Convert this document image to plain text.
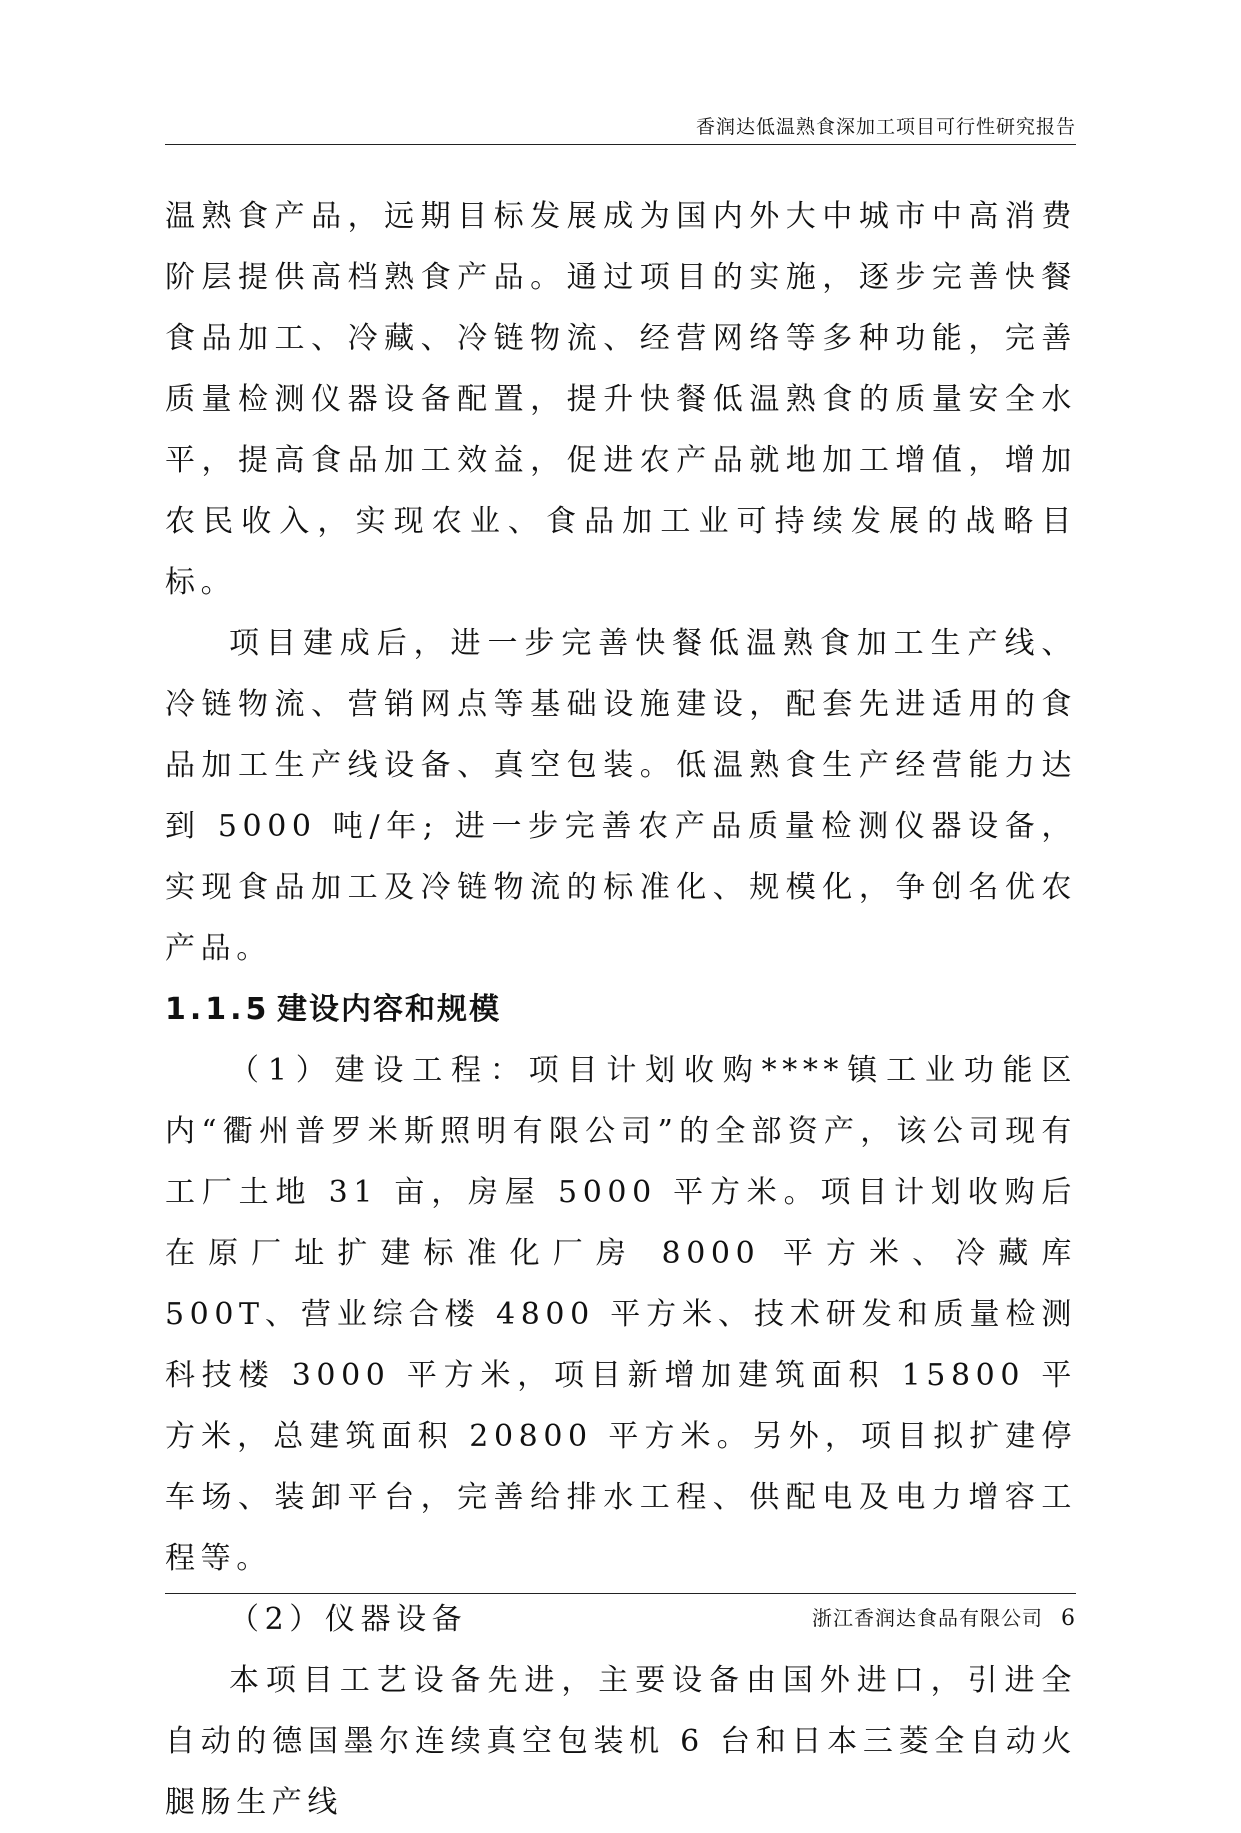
香润达低温熟食深加工项目可行性研究报告

温熟食产品，远期目标发展成为国内外大中城市中高消费阶层提供高档熟食产品。通过项目的实施，逐步完善快餐食品加工、冷藏、冷链物流、经营网络等多种功能，完善质量检测仪器设备配置，提升快餐低温熟食的质量安全水平，提高食品加工效益，促进农产品就地加工增值，增加农民收入，实现农业、食品加工业可持续发展的战略目标。

项目建成后，进一步完善快餐低温熟食加工生产线、冷链物流、营销网点等基础设施建设，配套先进适用的食品加工生产线设备、真空包装。低温熟食生产经营能力达到 5000 吨/年; 进一步完善农产品质量检测仪器设备，实现食品加工及冷链物流的标准化、规模化，争创名优农产品。

1.1.5 建设内容和规模

（1）建设工程：项目计划收购****镇工业功能区内“衢州普罗米斯照明有限公司”的全部资产，该公司现有工厂土地 31 亩，房屋 5000 平方米。项目计划收购后在原厂址扩建标准化厂房 8000 平方米、冷藏库 500T、营业综合楼 4800 平方米、技术研发和质量检测科技楼 3000 平方米，项目新增加建筑面积 15800 平方米，总建筑面积 20800 平方米。另外，项目拟扩建停车场、装卸平台，完善给排水工程、供配电及电力增容工程等。

（2）仪器设备

本项目工艺设备先进，主要设备由国外进口，引进全自动的德国墨尔连续真空包装机 6 台和日本三菱全自动火腿肠生产线

浙江香润达食品有限公司 6
